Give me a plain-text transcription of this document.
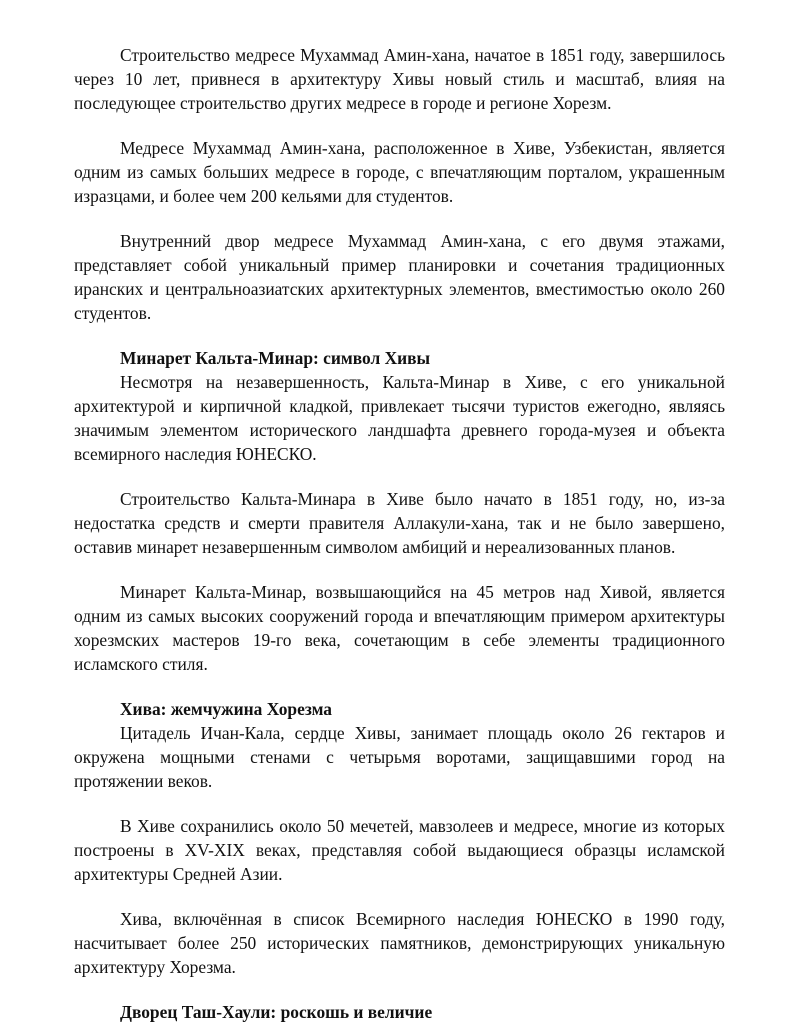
Строительство медресе Мухаммад Амин-хана, начатое в 1851 году, завершилось через 10 лет, привнеся в архитектуру Хивы новый стиль и масштаб, влияя на последующее строительство других медресе в городе и регионе Хорезм.

Медресе Мухаммад Амин-хана, расположенное в Хиве, Узбекистан, является одним из самых больших медресе в городе, с впечатляющим порталом, украшенным изразцами, и более чем 200 кельями для студентов.

Внутренний двор медресе Мухаммад Амин-хана, с его двумя этажами, представляет собой уникальный пример планировки и сочетания традиционных иранских и центральноазиатских архитектурных элементов, вместимостью около 260 студентов.

Минарет Кальта-Минар: символ Хивы

Несмотря на незавершенность, Кальта-Минар в Хиве, с его уникальной архитектурой и кирпичной кладкой, привлекает тысячи туристов ежегодно, являясь значимым элементом исторического ландшафта древнего города-музея и объекта всемирного наследия ЮНЕСКО.

Строительство Кальта-Минара в Хиве было начато в 1851 году, но, из-за недостатка средств и смерти правителя Аллакули-хана, так и не было завершено, оставив минарет незавершенным символом амбиций и нереализованных планов.

Минарет Кальта-Минар, возвышающийся на 45 метров над Хивой, является одним из самых высоких сооружений города и впечатляющим примером архитектуры хорезмских мастеров 19-го века, сочетающим в себе элементы традиционного исламского стиля.

Хива: жемчужина Хорезма

Цитадель Ичан-Кала, сердце Хивы, занимает площадь около 26 гектаров и окружена мощными стенами с четырьмя воротами, защищавшими город на протяжении веков.

В Хиве сохранились около 50 мечетей, мавзолеев и медресе, многие из которых построены в XV-XIX веках, представляя собой выдающиеся образцы исламской архитектуры Средней Азии.

Хива, включённая в список Всемирного наследия ЮНЕСКО в 1990 году, насчитывает более 250 исторических памятников, демонстрирующих уникальную архитектуру Хорезма.

Дворец Таш-Хаули: роскошь и величие
